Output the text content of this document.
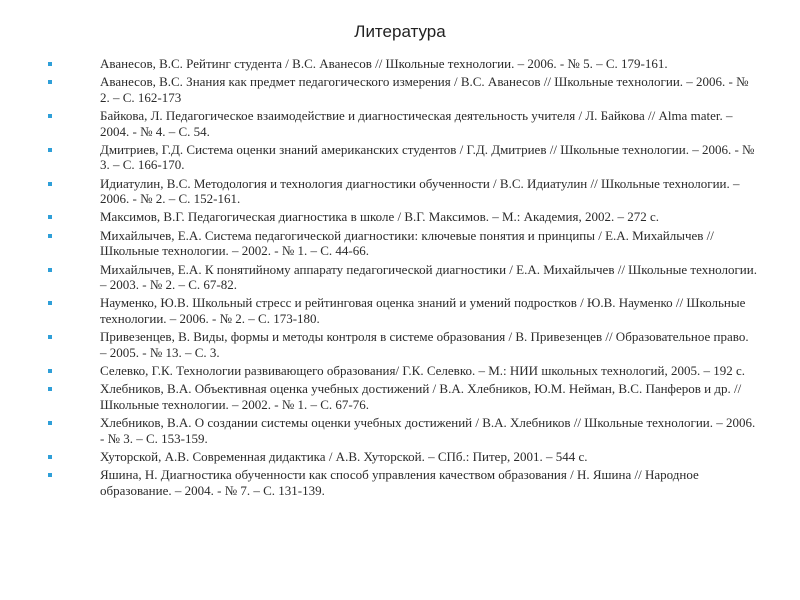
Литература
Аванесов, В.С. Рейтинг студента / В.С. Аванесов // Школьные технологии. – 2006. - № 5. – С. 179-161.
Аванесов, В.С. Знания как предмет педагогического измерения / В.С. Аванесов // Школьные технологии. – 2006. - № 2. – С. 162-173
Байкова, Л. Педагогическое взаимодействие и диагностическая деятельность учителя / Л. Байкова // Alma mater. – 2004. - № 4. – С. 54.
Дмитриев, Г.Д. Система оценки знаний американских студентов / Г.Д. Дмитриев // Школьные технологии. – 2006. - № 3. – С. 166-170.
Идиатулин, В.С. Методология и технология диагностики обученности / В.С. Идиатулин // Школьные технологии. – 2006. - № 2. – С. 152-161.
Максимов, В.Г. Педагогическая диагностика в школе / В.Г. Максимов. – М.: Академия, 2002. – 272 с.
Михайлычев, Е.А. Система педагогической диагностики: ключевые понятия и принципы / Е.А. Михайлычев // Школьные технологии. – 2002. - № 1. – С. 44-66.
Михайлычев, Е.А. К понятийному аппарату педагогической диагностики / Е.А. Михайлычев // Школьные технологии. – 2003. - № 2. – С. 67-82.
Науменко, Ю.В. Школьный стресс и рейтинговая оценка знаний и умений подростков / Ю.В. Науменко // Школьные технологии. – 2006. - № 2. – С. 173-180.
Привезенцев, В. Виды, формы и методы контроля в системе образования / В. Привезенцев // Образовательное право. – 2005. - № 13. – С. 3.
Селевко, Г.К. Технологии развивающего образования/ Г.К. Селевко. – М.: НИИ школьных технологий, 2005. – 192 с.
Хлебников, В.А. Объективная оценка учебных достижений / В.А. Хлебников, Ю.М. Нейман, В.С. Панферов и др. // Школьные технологии. – 2002. - № 1. – С. 67-76.
Хлебников, В.А. О создании системы оценки учебных достижений / В.А. Хлебников // Школьные технологии. – 2006. - № 3. – С. 153-159.
Хуторской, А.В. Современная дидактика / А.В. Хуторской. – СПб.: Питер, 2001. – 544 с.
Яшина, Н. Диагностика обученности как способ управления качеством образования / Н. Яшина // Народное образование. – 2004. - № 7. – С. 131-139.
